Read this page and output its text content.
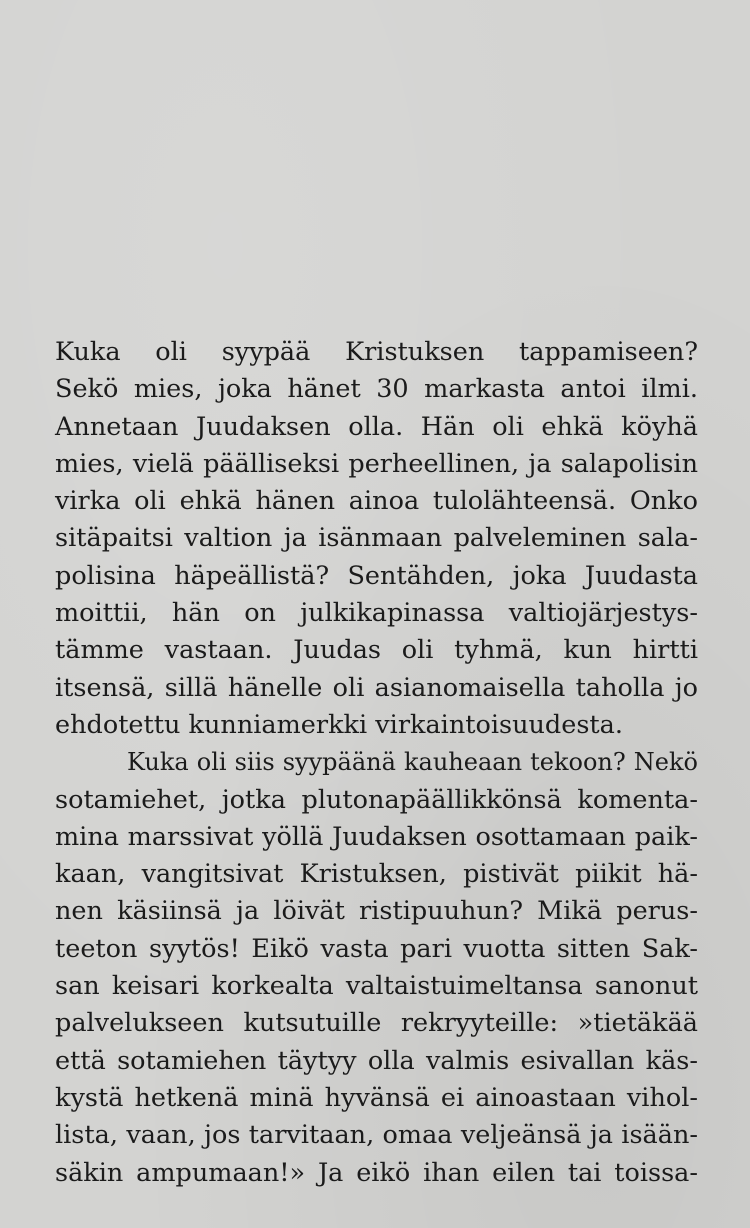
Kuka oli syypää Kristuksen tappamiseen?
Sekö mies, joka hänet 30 markasta antoi ilmi.
Annetaan Juudaksen olla. Hän oli ehkä köyhä
mies, vielä päälliseksi perheellinen, ja salapolisin
virka oli ehkä hänen ainoa tulolähteensä. Onko
sitäpaitsi valtion ja isänmaan palveleminen sala-
polisina häpeällistä? Sentähden, joka Juudasta
moittii, hän on julkikapinassa valtiojärjestys-
tämme vastaan. Juudas oli tyhmä, kun hirtti
itsensä, sillä hänelle oli asianomaisella taholla jo
ehdotettu kunniamerkki virkaintoisuudesta.
Kuka oli siis syypäänä kauheaan tekoon? Nekö
sotamiehet, jotka plutonapäällikkönsä komenta-
mina marssivat yöllä Juudaksen osottamaan paik-
kaan, vangitsivat Kristuksen, pistivät piikit hä-
nen käsiinsä ja löivät ristipuuhun? Mikä perus-
teeton syytös! Eikö vasta pari vuotta sitten Sak-
san keisari korkealta valtaistuimeltansa sanonut
palvelukseen kutsutuille rekryyteille: »tietäkää
että sotamiehen täytyy olla valmis esivallan käs-
kystä hetkenä minä hyvänsä ei ainoastaan vihol-
lista, vaan, jos tarvitaan, omaa veljeänsä ja isään-
säkin ampumaan!» Ja eikö ihan eilen tai toissa-
